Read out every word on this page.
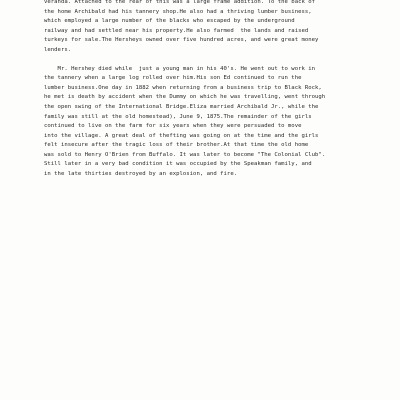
veranda. Attached to the rear of this was a large frame addition. To the back of
the home Archibald had his tannery shop.He also had a thriving lumber business,
which employed a large number of the blacks who escaped by the underground
railway and had settled near his property.He also farmed  the lands and raised
turkeys for sale.The Hersheys owned over five hundred acres, and were great money
lenders.
Mr. Hershey died while  just a young man in his 40's. He went out to work in
the tannery when a large log rolled over him.His son Ed continued to run the
lumber business.One day in 1882 when returning from a business trip to Black Rock,
he met is death by accident when the Dummy on which he was travelling, went through
the open swing of the International Bridge.Eliza married Archibald Jr., while the
family was still at the old homestead), June 9, 1875.The remainder of the girls
continued to live on the farm for six years when they were persuaded to move
into the village. A great deal of thefting was going on at the time and the girls
felt insecure after the tragic loss of their brother.At that time the old home
was sold to Henry O'Brien from Buffalo. It was later to become "The Colonial Club".
Still later in a very bad condition it was occupied by the Speakman family, and
in the late thirties destroyed by an explosion, and fire.
